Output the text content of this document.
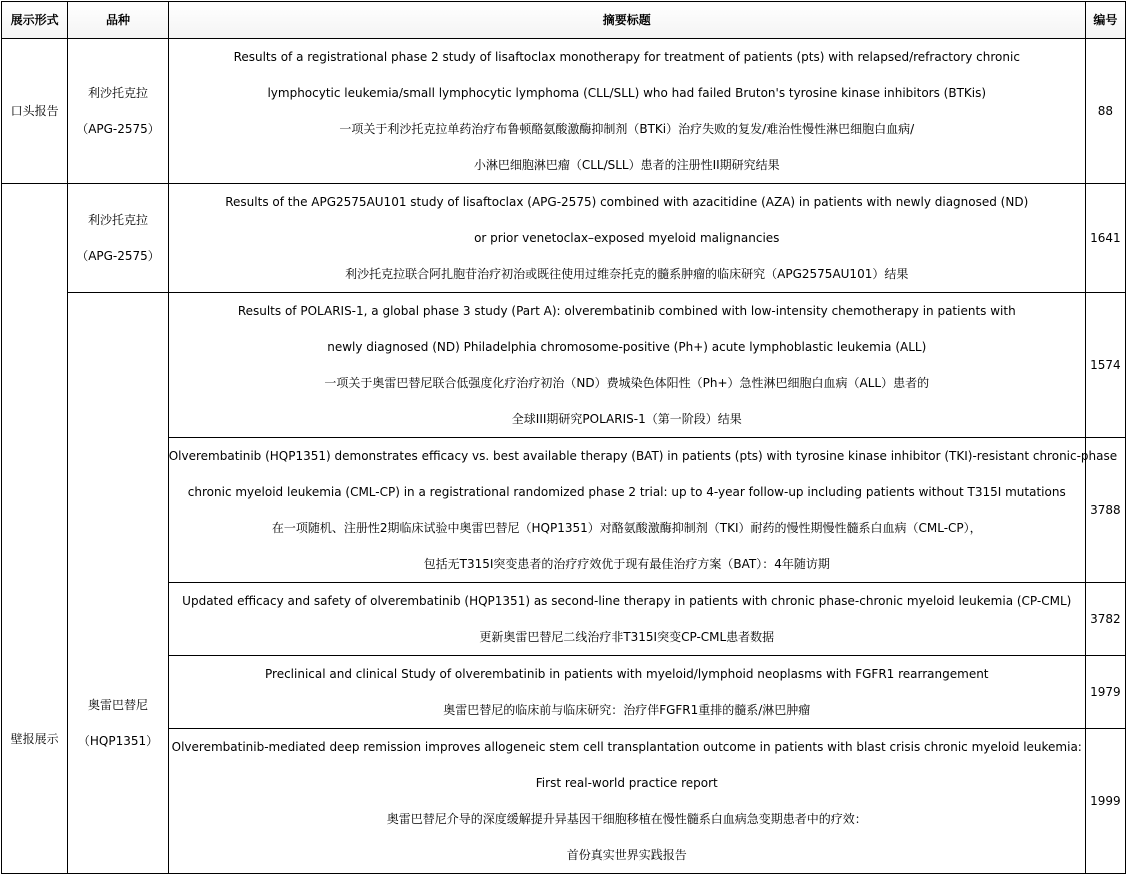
展示形式	品种	摘要标题	编号
口头报告	利沙托克拉
（APG-2575）	Results of a registrational phase 2 study of lisaftoclax monotherapy for treatment of patients (pts) with relapsed/refractory chronic
lymphocytic leukemia/small lymphocytic lymphoma (CLL/SLL) who had failed Bruton's tyrosine kinase inhibitors (BTKis)
一项关于利沙托克拉单药治疗布鲁顿酪氨酸激酶抑制剂（BTKi）治疗失败的复发/难治性慢性淋巴细胞白血病/
小淋巴细胞淋巴瘤（CLL/SLL）患者的注册性II期研究结果	88
壁报展示	利沙托克拉
（APG-2575）	Results of the APG2575AU101 study of lisaftoclax (APG-2575) combined with azacitidine (AZA) in patients with newly diagnosed (ND)
or prior venetoclax–exposed myeloid malignancies
利沙托克拉联合阿扎胞苷治疗初治或既往使用过维奈托克的髓系肿瘤的临床研究（APG2575AU101）结果	1641

	奥雷巴替尼
（HQP1351）	Results of POLARIS-1, a global phase 3 study (Part A): olverembatinib combined with low-intensity chemotherapy in patients with
newly diagnosed (ND) Philadelphia chromosome-positive (Ph+) acute lymphoblastic leukemia (ALL)
一项关于奥雷巴替尼联合低强度化疗治疗初治（ND）费城染色体阳性（Ph+）急性淋巴细胞白血病（ALL）患者的
全球III期研究POLARIS-1（第一阶段）结果	1574

		Olverembatinib (HQP1351) demonstrates efficacy vs. best available therapy (BAT) in patients (pts) with tyrosine kinase inhibitor (TKI)-resistant chronic-phase
chronic myeloid leukemia (CML-CP) in a registrational randomized phase 2 trial: up to 4-year follow-up including patients without T315I mutations
在一项随机、注册性2期临床试验中奥雷巴替尼（HQP1351）对酪氨酸激酶抑制剂（TKI）耐药的慢性期慢性髓系白血病（CML-CP），
包括无T315I突变患者的治疗疗效优于现有最佳治疗方案（BAT）：4年随访期	3788

		Updated efficacy and safety of olverembatinib (HQP1351) as second-line therapy in patients with chronic phase-chronic myeloid leukemia (CP-CML)
更新奥雷巴替尼二线治疗非T315I突变CP-CML患者数据	3782

		Preclinical and clinical Study of olverembatinib in patients with myeloid/lymphoid neoplasms with FGFR1 rearrangement
奥雷巴替尼的临床前与临床研究：治疗伴FGFR1重排的髓系/淋巴肿瘤	1979

		Olverembatinib-mediated deep remission improves allogeneic stem cell transplantation outcome in patients with blast crisis chronic myeloid leukemia:
First real-world practice report
奥雷巴替尼介导的深度缓解提升异基因干细胞移植在慢性髓系白血病急变期患者中的疗效：
首份真实世界实践报告	1999
